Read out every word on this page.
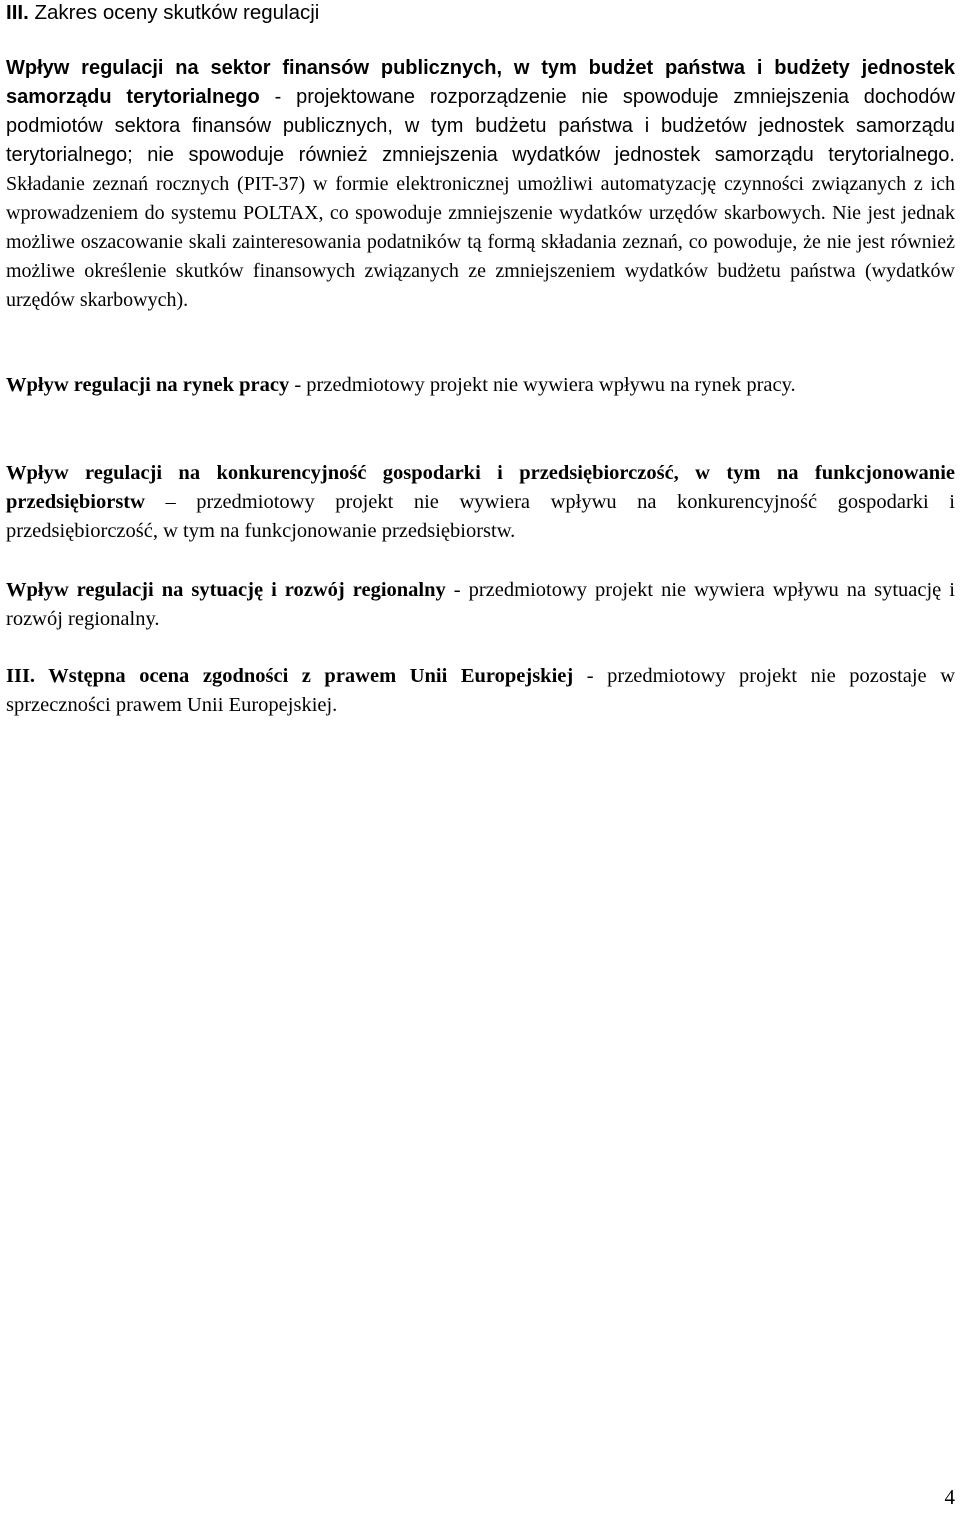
III. Zakres oceny skutków regulacji

Wpływ regulacji na sektor finansów publicznych, w tym budżet państwa i budżety jednostek samorządu terytorialnego - projektowane rozporządzenie nie spowoduje zmniejszenia dochodów podmiotów sektora finansów publicznych, w tym budżetu państwa i budżetów jednostek samorządu terytorialnego; nie spowoduje również zmniejszenia wydatków jednostek samorządu terytorialnego. Składanie zeznań rocznych (PIT-37) w formie elektronicznej umożliwi automatyzację czynności związanych z ich wprowadzeniem do systemu POLTAX, co spowoduje zmniejszenie wydatków urzędów skarbowych. Nie jest jednak możliwe oszacowanie skali zainteresowania podatników tą formą składania zeznań, co powoduje, że nie jest również możliwe określenie skutków finansowych związanych ze zmniejszeniem wydatków budżetu państwa (wydatków urzędów skarbowych).

Wpływ regulacji na rynek pracy - przedmiotowy projekt nie wywiera wpływu na rynek pracy.

Wpływ regulacji na konkurencyjność gospodarki i przedsiębiorczość, w tym na funkcjonowanie przedsiębiorstw – przedmiotowy projekt nie wywiera wpływu na konkurencyjność gospodarki i przedsiębiorczość, w tym na funkcjonowanie przedsiębiorstw.

Wpływ regulacji na sytuację i rozwój regionalny - przedmiotowy projekt nie wywiera wpływu na sytuację i rozwój regionalny.

III. Wstępna ocena zgodności z prawem Unii Europejskiej - przedmiotowy projekt nie pozostaje w sprzeczności prawem Unii Europejskiej.

4
